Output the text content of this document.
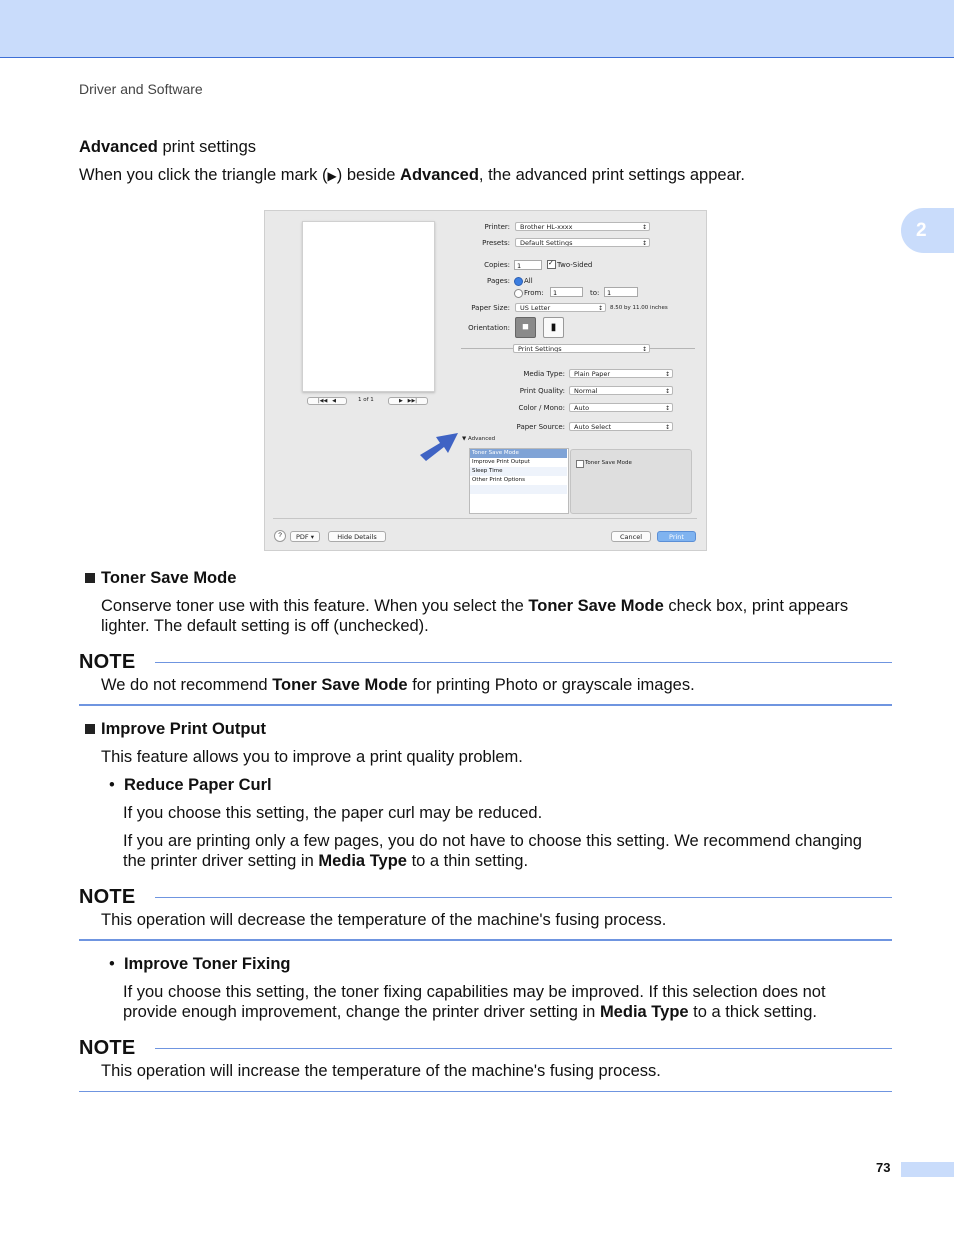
Driver and Software
2
Advanced print settings
When you click the triangle mark (▶) beside Advanced, the advanced print settings appear.
|◀◀   ◀	1 of 1	▶   ▶▶|
Printer:	Brother HL-xxxx ↕
Presets:	Default Settings ↕
Copies:	1	✓ Two-Sided
Pages: All
From:	1	to:	1
Paper Size:	US Letter ↕	8.50 by 11.00 inches
Orientation:	■	▮
Print Settings ↕
Media Type:	Plain Paper ↕
Print Quality:	Normal ↕
Color / Mono:	Auto ↕
Paper Source:	Auto Select ↕
▼ Advanced
Toner Save Mode
Improve Print Output
Sleep Time
Other Print Options
Toner Save Mode
?	PDF ▾	Hide Details	Cancel	Print
Toner Save Mode
Conserve toner use with this feature. When you select the Toner Save Mode check box, print appears
lighter. The default setting is off (unchecked).
NOTE
We do not recommend Toner Save Mode for printing Photo or grayscale images.
Improve Print Output
This feature allows you to improve a print quality problem.
• Reduce Paper Curl
If you choose this setting, the paper curl may be reduced.
If you are printing only a few pages, you do not have to choose this setting. We recommend changing
the printer driver setting in Media Type to a thin setting.
NOTE
This operation will decrease the temperature of the machine's fusing process.
• Improve Toner Fixing
If you choose this setting, the toner fixing capabilities may be improved. If this selection does not
provide enough improvement, change the printer driver setting in Media Type to a thick setting.
NOTE
This operation will increase the temperature of the machine's fusing process.
73
